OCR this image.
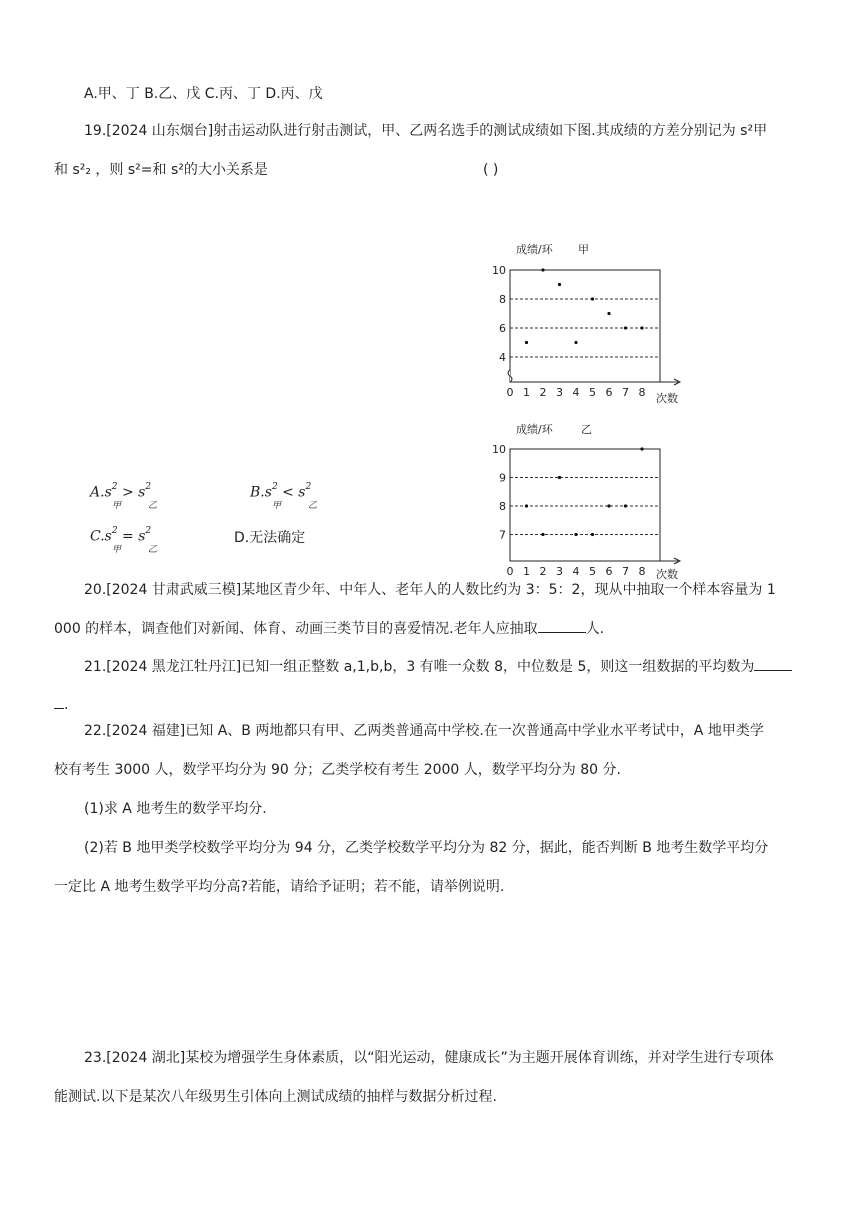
A.甲、丁 B.乙、戊 C.丙、丁 D.丙、戊
19.[2024 山东烟台]射击运动队进行射击测试，甲、乙两名选手的测试成绩如下图.其成绩的方差分别记为 s²甲
和 s²₂ ，则 s²=和 s²的大小关系是	( )
成绩/环 甲
4
6
8
10
0 1 2 3 4 5 6 7 8 次数
成绩/环	乙
7
8
9
10
0 1 2 3 4 5 6 7 8 次数
$A.s^2 > s^2$
甲	乙
$B.s^2 < s^2$
甲	乙
$C.s^2 = s^2$
甲	乙
D.无法确定
20.[2024 甘肃武威三模]某地区青少年、中年人、老年人的人数比约为 3：5：2，现从中抽取一个样本容量为 1
000 的样本，调查他们对新闻、体育、动画三类节目的喜爱情况.老年人应抽取	人.
21.[2024 黑龙江牡丹江]已知一组正整数 a,1,b,b，3 有唯一众数 8，中位数是 5，则这一组数据的平均数为
.
22.[2024 福建]已知 A、B 两地都只有甲、乙两类普通高中学校.在一次普通高中学业水平考试中，A 地甲类学
校有考生 3000 人，数学平均分为 90 分；乙类学校有考生 2000 人，数学平均分为 80 分.
(1)求 A 地考生的数学平均分.
(2)若 B 地甲类学校数学平均分为 94 分，乙类学校数学平均分为 82 分，据此，能否判断 B 地考生数学平均分
一定比 A 地考生数学平均分高?若能，请给予证明；若不能，请举例说明.
23.[2024 湖北]某校为增强学生身体素质，以“阳光运动，健康成长”为主题开展体育训练，并对学生进行专项体
能测试.以下是某次八年级男生引体向上测试成绩的抽样与数据分析过程.
